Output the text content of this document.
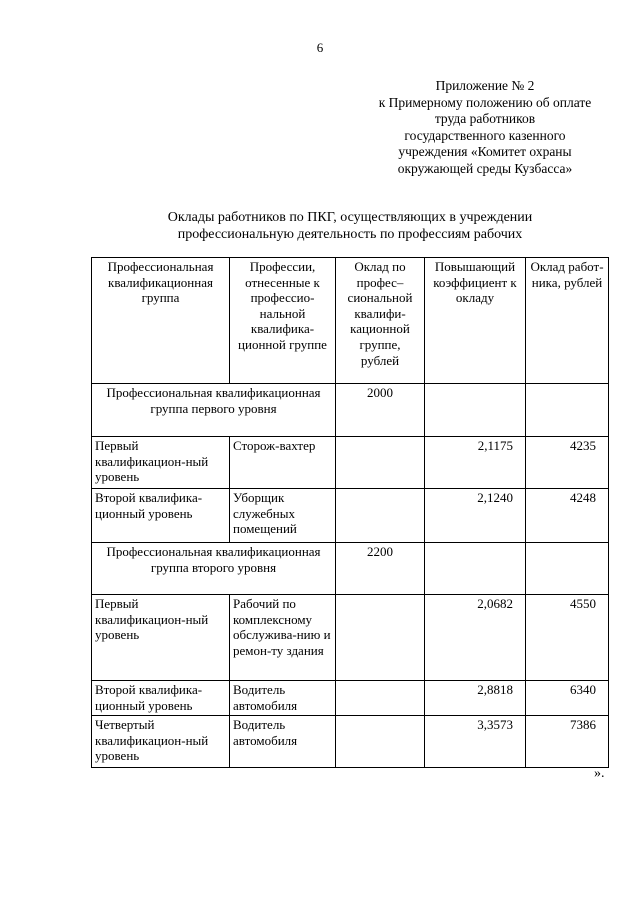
6
Приложение № 2
к Примерному положению об оплате
труда работников
государственного казенного
учреждения «Комитет охраны
окружающей среды Кузбасса»
Оклады работников по ПКГ, осуществляющих в учреждении
профессиональную деятельность по профессиям рабочих
Профессиональная квалификационная группа	Профессии, отнесенные к профессио-нальной квалифика-ционной группе	Оклад по профес–сиональной квалифи-кационной группе, рублей	Повышающий коэффициент к окладу	Оклад работ-ника, рублей
Профессиональная квалификационная группа первого уровня		2000		
Первый квалификацион-ный уровень	Сторож-вахтер		2,1175	4235
Второй квалифика-ционный уровень	Уборщик служебных помещений		2,1240	4248
Профессиональная квалификационная группа второго уровня		2200		
Первый квалификацион-ный уровень	Рабочий по комплексному обслужива-нию и ремон-ту здания		2,0682	4550
Второй квалифика-ционный уровень	Водитель автомобиля		2,8818	6340
Четвертый квалификацион-ный уровень	Водитель автомобиля		3,3573	7386
».
